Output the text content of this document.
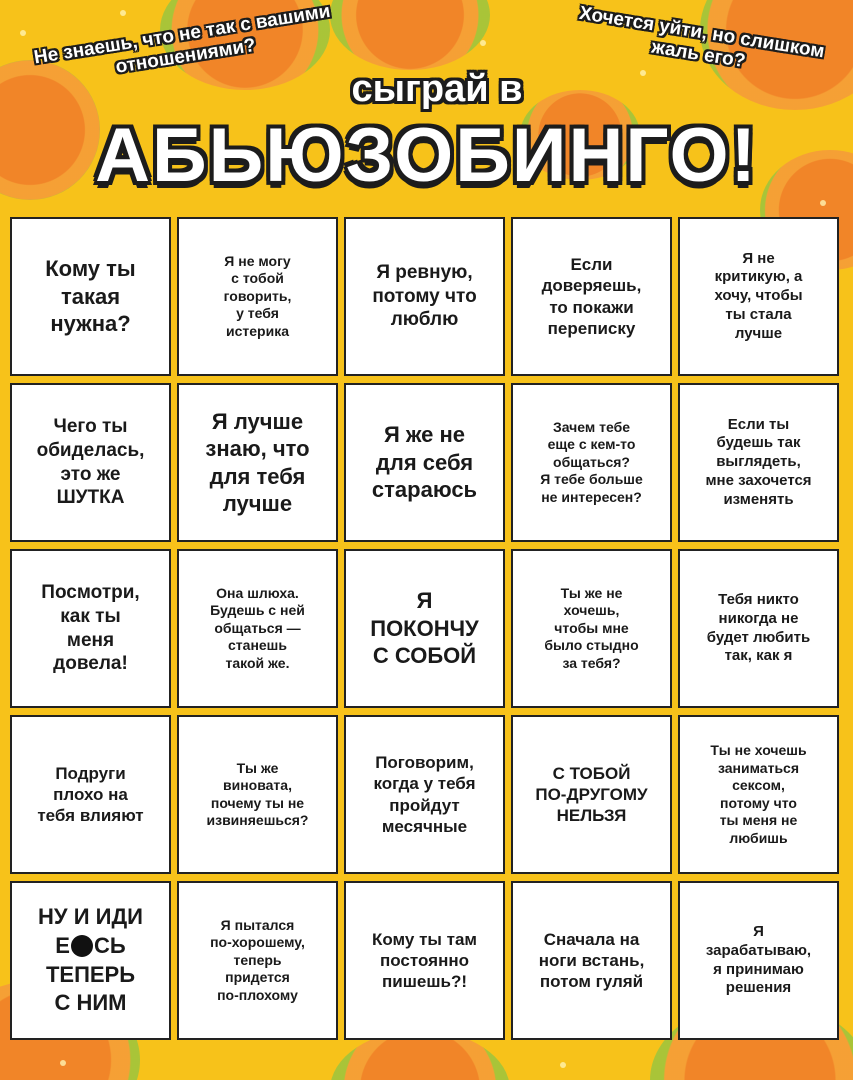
Не знаешь, что не так с вашими отношениями?	Хочется уйти, но слишком жаль его?
сыграй в
АБЬЮЗОБИНГО!
Кому ты
такая
нужна?
Я не могу
с тобой
говорить,
у тебя
истерика
Я ревную,
потому что
люблю
Если
доверяешь,
то покажи
переписку
Я не
критикую, а
хочу, чтобы
ты стала
лучше
Чего ты
обиделась,
это же
ШУТКА
Я лучше
знаю, что
для тебя
лучше
Я же не
для себя
стараюсь
Зачем тебе
еще с кем-то
общаться?
Я тебе больше
не интересен?
Если ты
будешь так
выглядеть,
мне захочется
изменять
Посмотри,
как ты
меня
довела!
Она шлюха.
Будешь с ней
общаться —
станешь
такой же.
Я
ПОКОНЧУ
С СОБОЙ
Ты же не
хочешь,
чтобы мне
было стыдно
за тебя?
Тебя никто
никогда не
будет любить
так, как я
Подруги
плохо на
тебя влияют
Ты же
виновата,
почему ты не
извиняешься?
Поговорим,
когда у тебя
пройдут
месячные
С ТОБОЙ
ПО-ДРУГОМУ
НЕЛЬЗЯ
Ты не хочешь
заниматься
сексом,
потому что
ты меня не
любишь
НУ И ИДИ
Е СЬ
ТЕПЕРЬ
С НИМ
Я пытался
по-хорошему,
теперь
придется
по-плохому
Кому ты там
постоянно
пишешь?!
Сначала на
ноги встань,
потом гуляй
Я
зарабатываю,
я принимаю
решения
